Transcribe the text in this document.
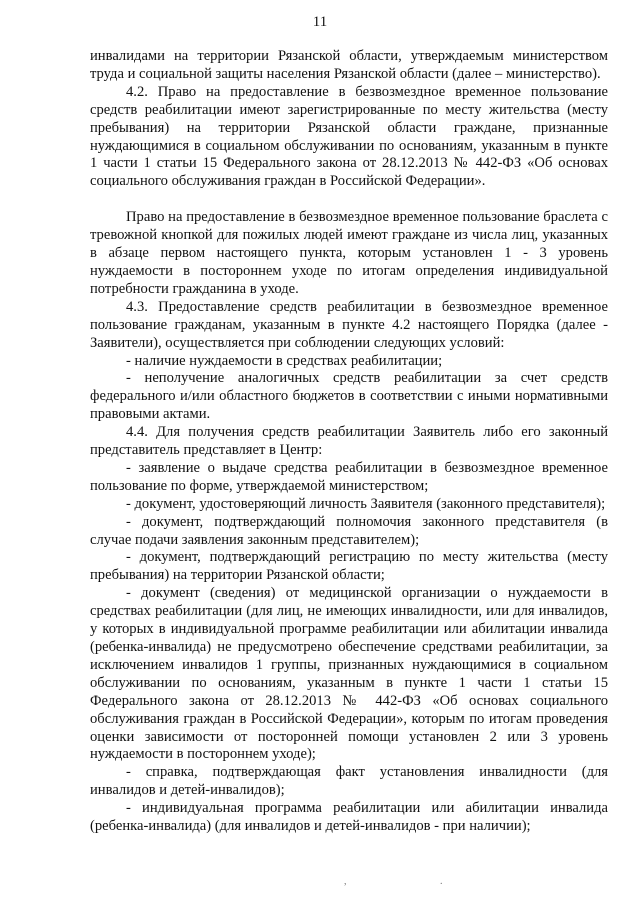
11

инвалидами на территории Рязанской области, утверждаемым министерством труда и социальной защиты населения Рязанской области (далее – министерство).

4.2. Право на предоставление в безвозмездное временное пользование средств реабилитации имеют зарегистрированные по месту жительства (месту пребывания) на территории Рязанской области граждане, признанные нуждающимися в социальном обслуживании по основаниям, указанным в пункте 1 части 1 статьи 15 Федерального закона от 28.12.2013 № 442-ФЗ «Об основах социального обслуживания граждан в Российской Федерации».

Право на предоставление в безвозмездное временное пользование браслета с тревожной кнопкой для пожилых людей имеют граждане из числа лиц, указанных в абзаце первом настоящего пункта, которым установлен 1 - 3 уровень нуждаемости в постороннем уходе по итогам определения индивидуальной потребности гражданина в уходе.

4.3. Предоставление средств реабилитации в безвозмездное временное пользование гражданам, указанным в пункте 4.2 настоящего Порядка (далее - Заявители), осуществляется при соблюдении следующих условий:

- наличие нуждаемости в средствах реабилитации;

- неполучение аналогичных средств реабилитации за счет средств федерального и/или областного бюджетов в соответствии с иными нормативными правовыми актами.

4.4. Для получения средств реабилитации Заявитель либо его законный представитель представляет в Центр:

- заявление о выдаче средства реабилитации в безвозмездное временное пользование по форме, утверждаемой министерством;

- документ, удостоверяющий личность Заявителя (законного представителя);

- документ, подтверждающий полномочия законного представителя (в случае подачи заявления законным представителем);

- документ, подтверждающий регистрацию по месту жительства (месту пребывания) на территории Рязанской области;

- документ (сведения) от медицинской организации о нуждаемости в средствах реабилитации (для лиц, не имеющих инвалидности, или для инвалидов, у которых в индивидуальной программе реабилитации или абилитации инвалида (ребенка-инвалида) не предусмотрено обеспечение средствами реабилитации, за исключением инвалидов 1 группы, признанных нуждающимися в социальном обслуживании по основаниям, указанным в пункте 1 части 1 статьи 15 Федерального закона от 28.12.2013 № 442-ФЗ «Об основах социального обслуживания граждан в Российской Федерации», которым по итогам проведения оценки зависимости от посторонней помощи установлен 2 или 3 уровень нуждаемости в постороннем уходе);

- справка, подтверждающая факт установления инвалидности (для инвалидов и детей-инвалидов);

- индивидуальная программа реабилитации или абилитации инвалида (ребенка-инвалида) (для инвалидов и детей-инвалидов - при наличии);

,	.
